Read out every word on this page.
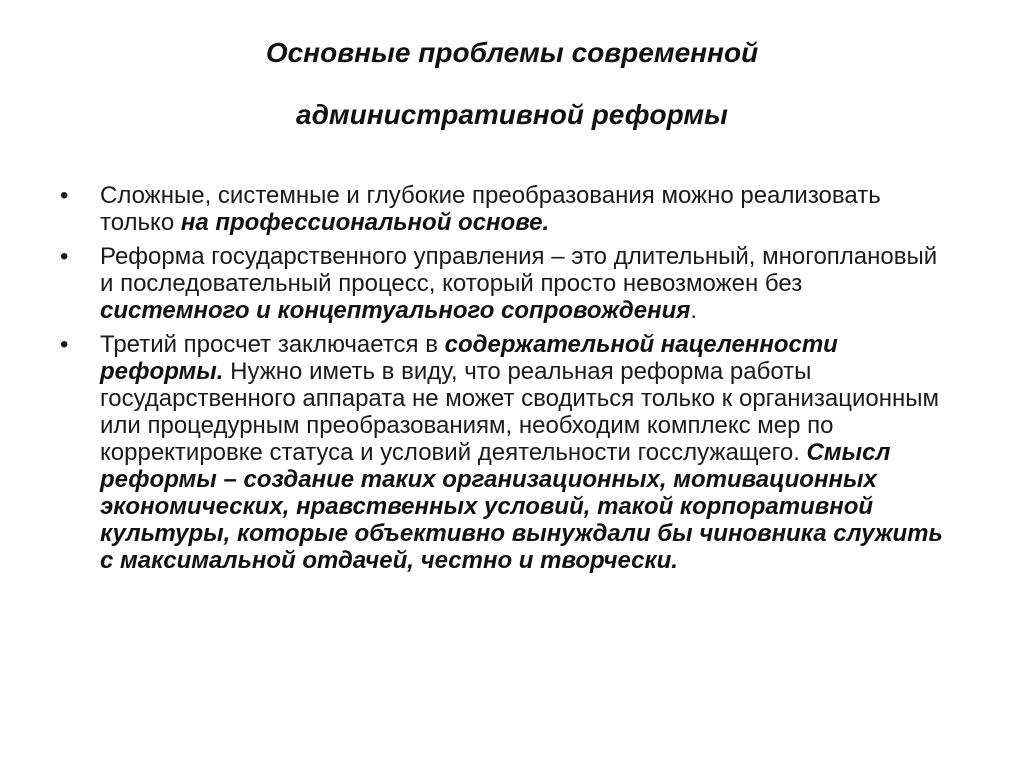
Основные проблемы современной
административной реформы
•	Сложные, системные и глубокие преобразования можно реализовать только на профессиональной основе.
•	Реформа государственного управления – это длительный, многоплановый и последовательный процесс, который просто невозможен без системного и концептуального сопровождения.
•	Третий просчет заключается в содержательной нацеленности реформы. Нужно иметь в виду, что реальная реформа работы государственного аппарата не может сводиться только к организационным или процедурным преобразованиям, необходим комплекс мер по корректировке статуса и условий деятельности госслужащего. Смысл реформы – создание таких организационных, мотивационных экономических, нравственных условий, такой корпоративной культуры, которые объективно вынуждали бы чиновника служить с максимальной отдачей, честно и творчески.
